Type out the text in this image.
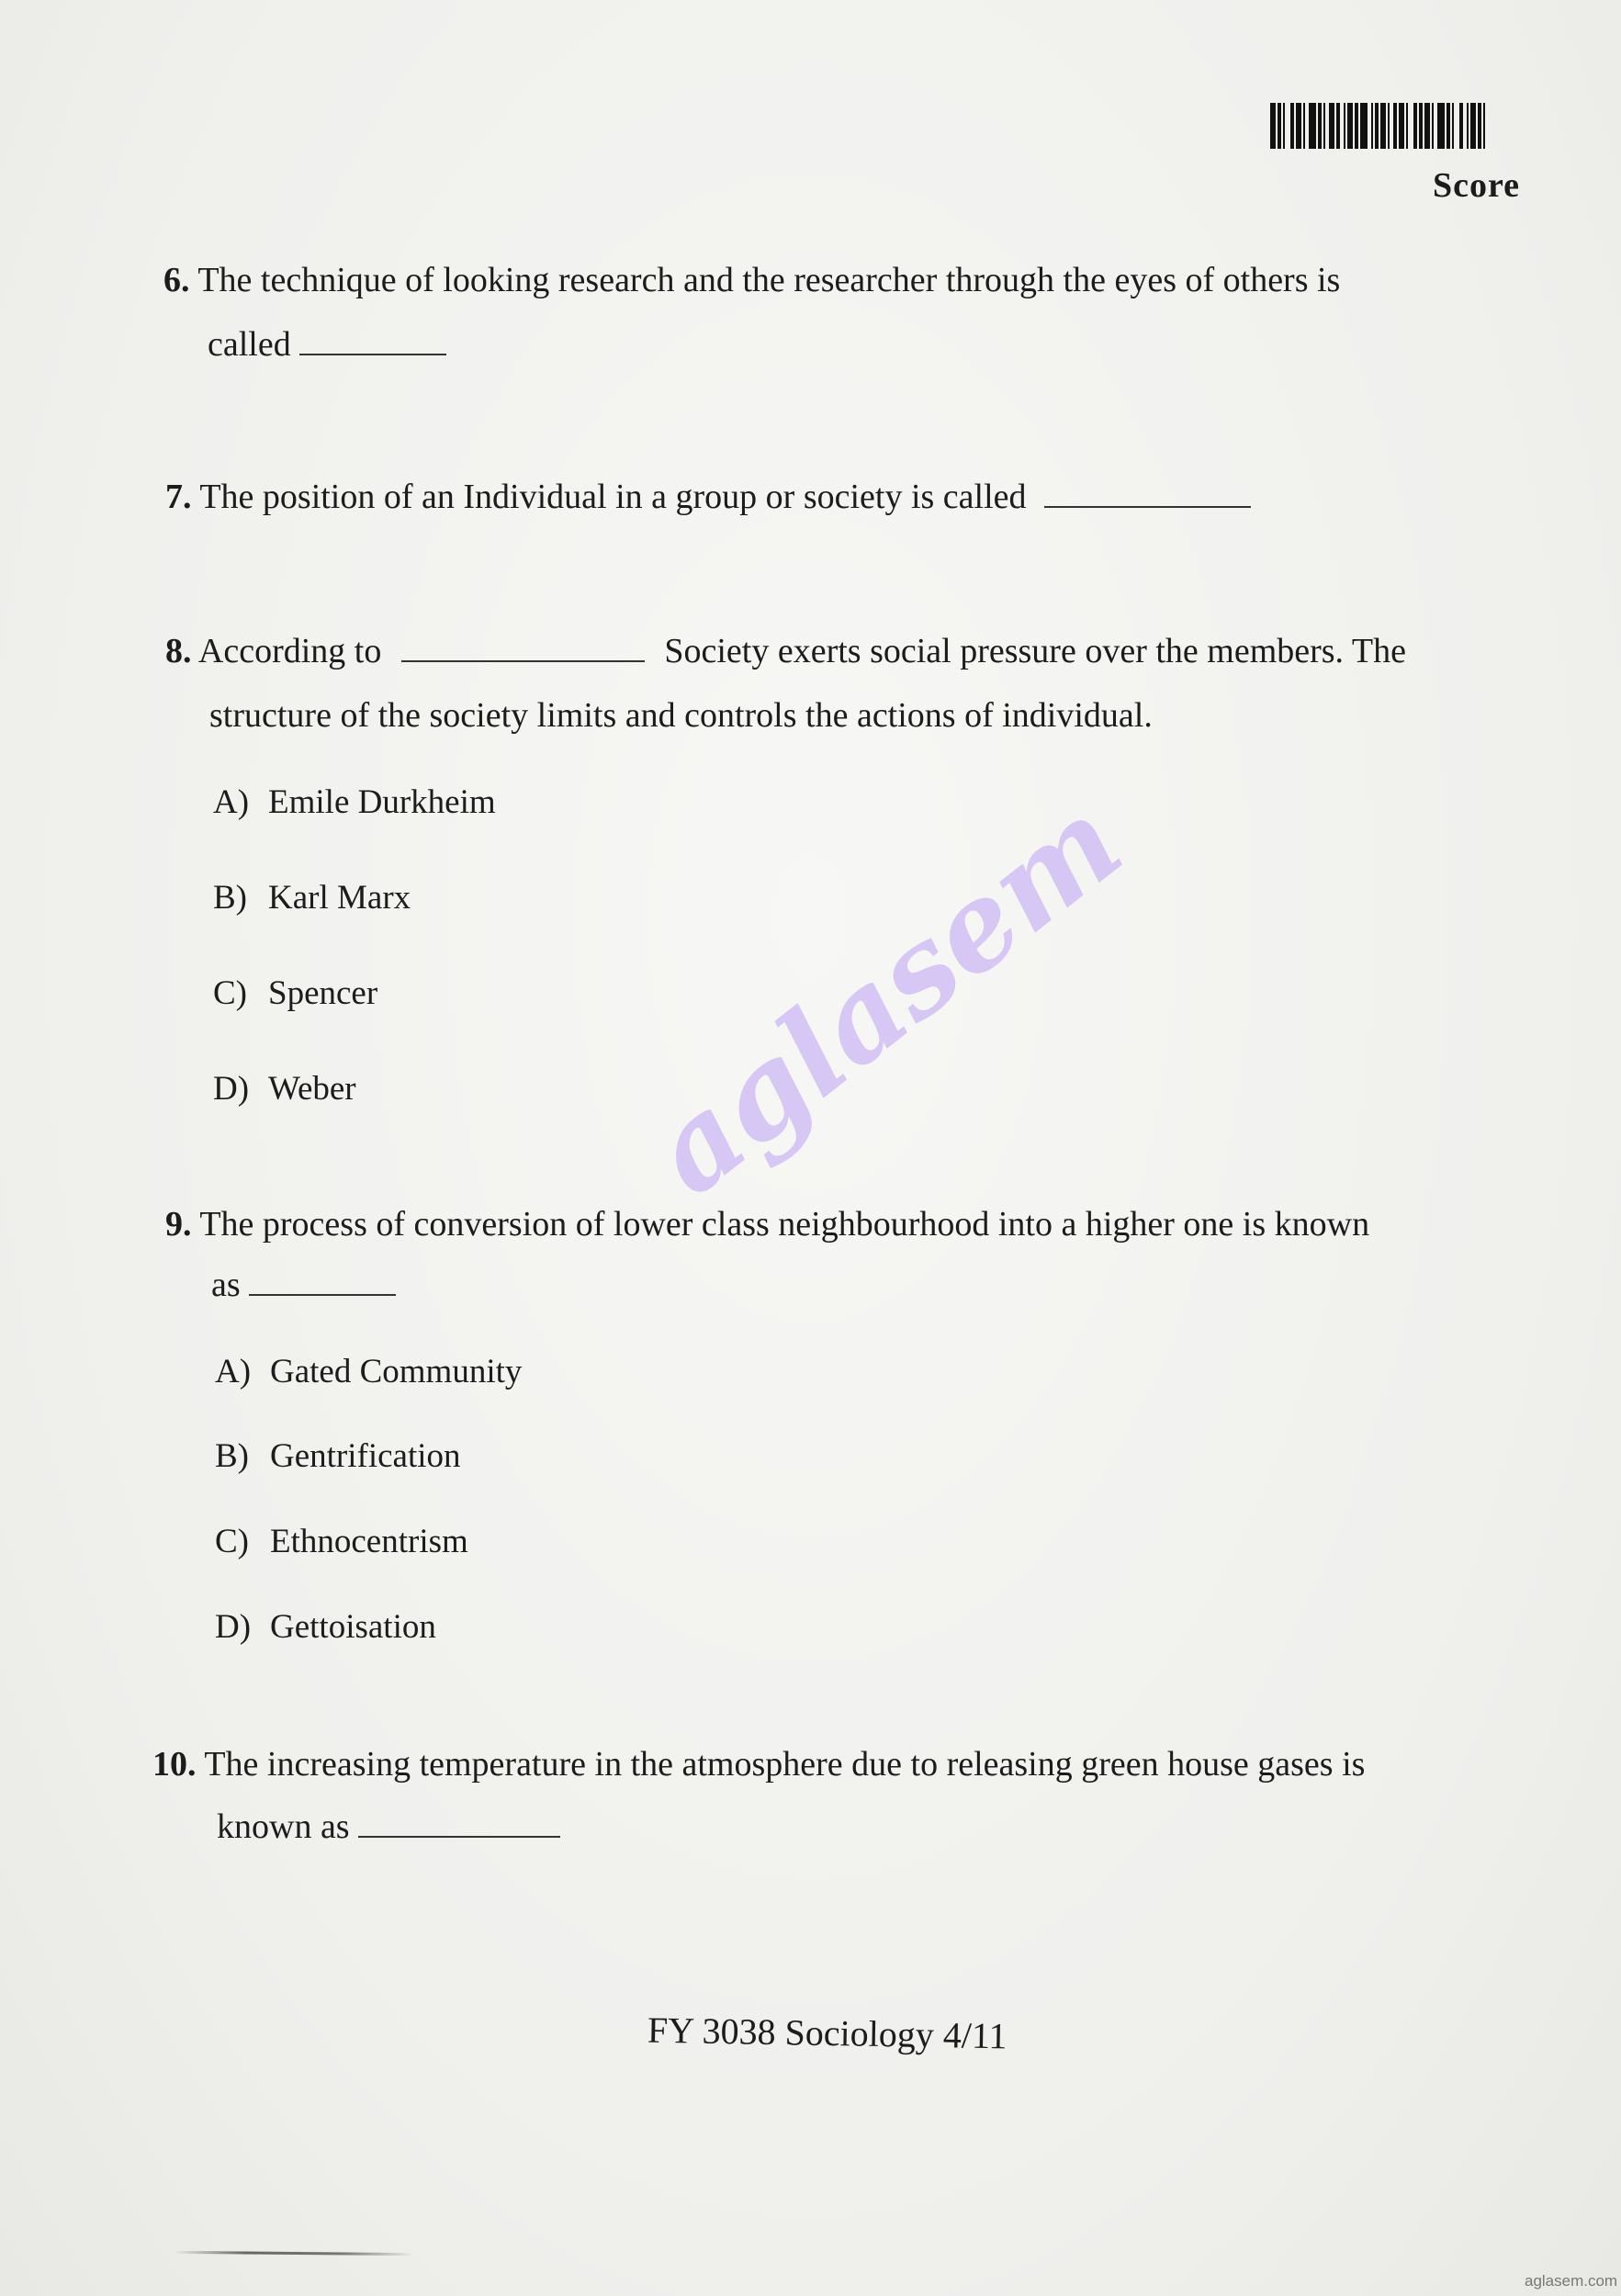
Score
6. The technique of looking research and the researcher through the eyes of others is
called
7. The position of an Individual in a group or society is called
8. According to	Society exerts social pressure over the members. The
structure of the society limits and controls the actions of individual.
A) Emile Durkheim
B) Karl Marx
C) Spencer
D) Weber
9. The process of conversion of lower class neighbourhood into a higher one is known
as
A) Gated Community
B) Gentrification
C) Ethnocentrism
D) Gettoisation
10. The increasing temperature in the atmosphere due to releasing green house gases is
known as
aglasem
FY 3038 Sociology 4/11
aglasem.com
